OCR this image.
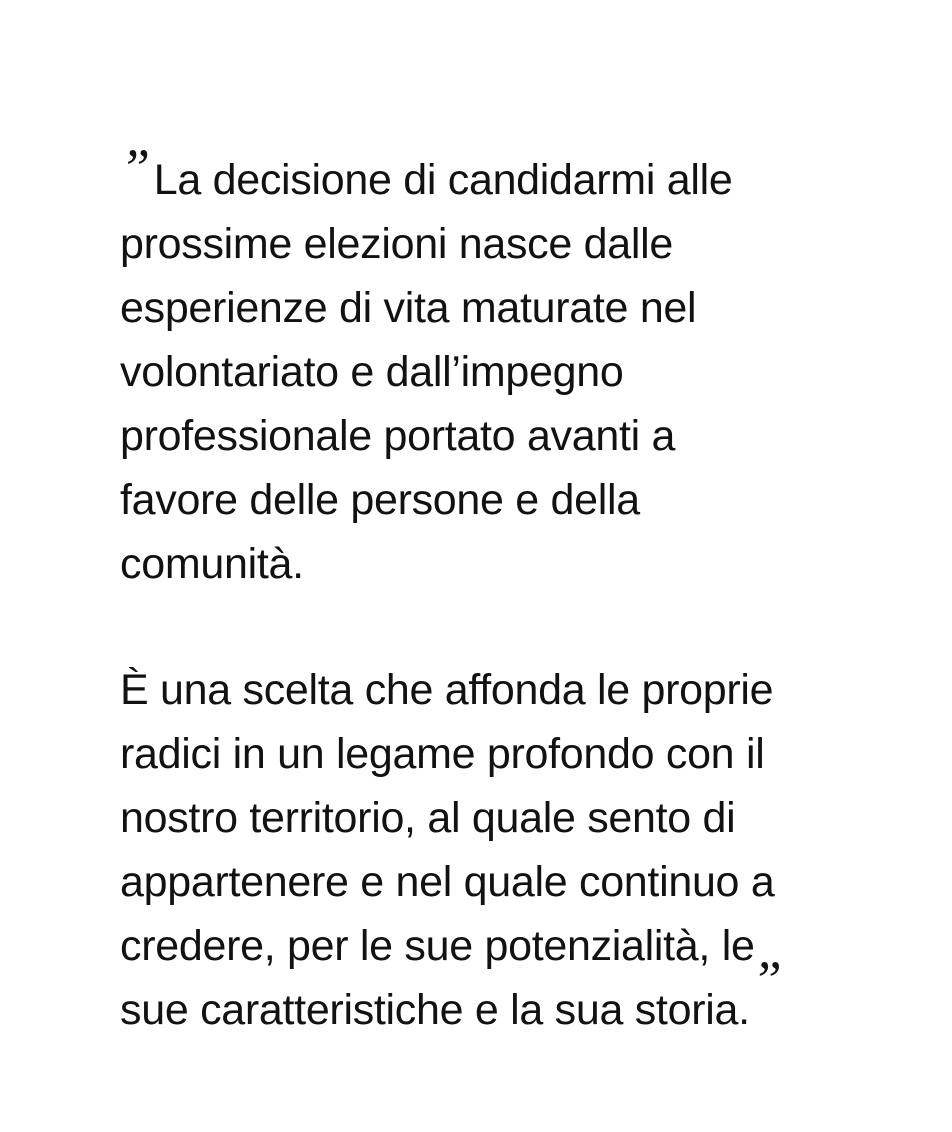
”La decisione di candidarmi alle
prossime elezioni nasce dalle
esperienze di vita maturate nel
volontariato e dall’impegno
professionale portato avanti a
favore delle persone e della
comunità.
È una scelta che affonda le proprie
radici in un legame profondo con il
nostro territorio, al quale sento di
appartenere e nel quale continuo a
credere, per le sue potenzialità, le
sue caratteristiche e la sua storia.”
